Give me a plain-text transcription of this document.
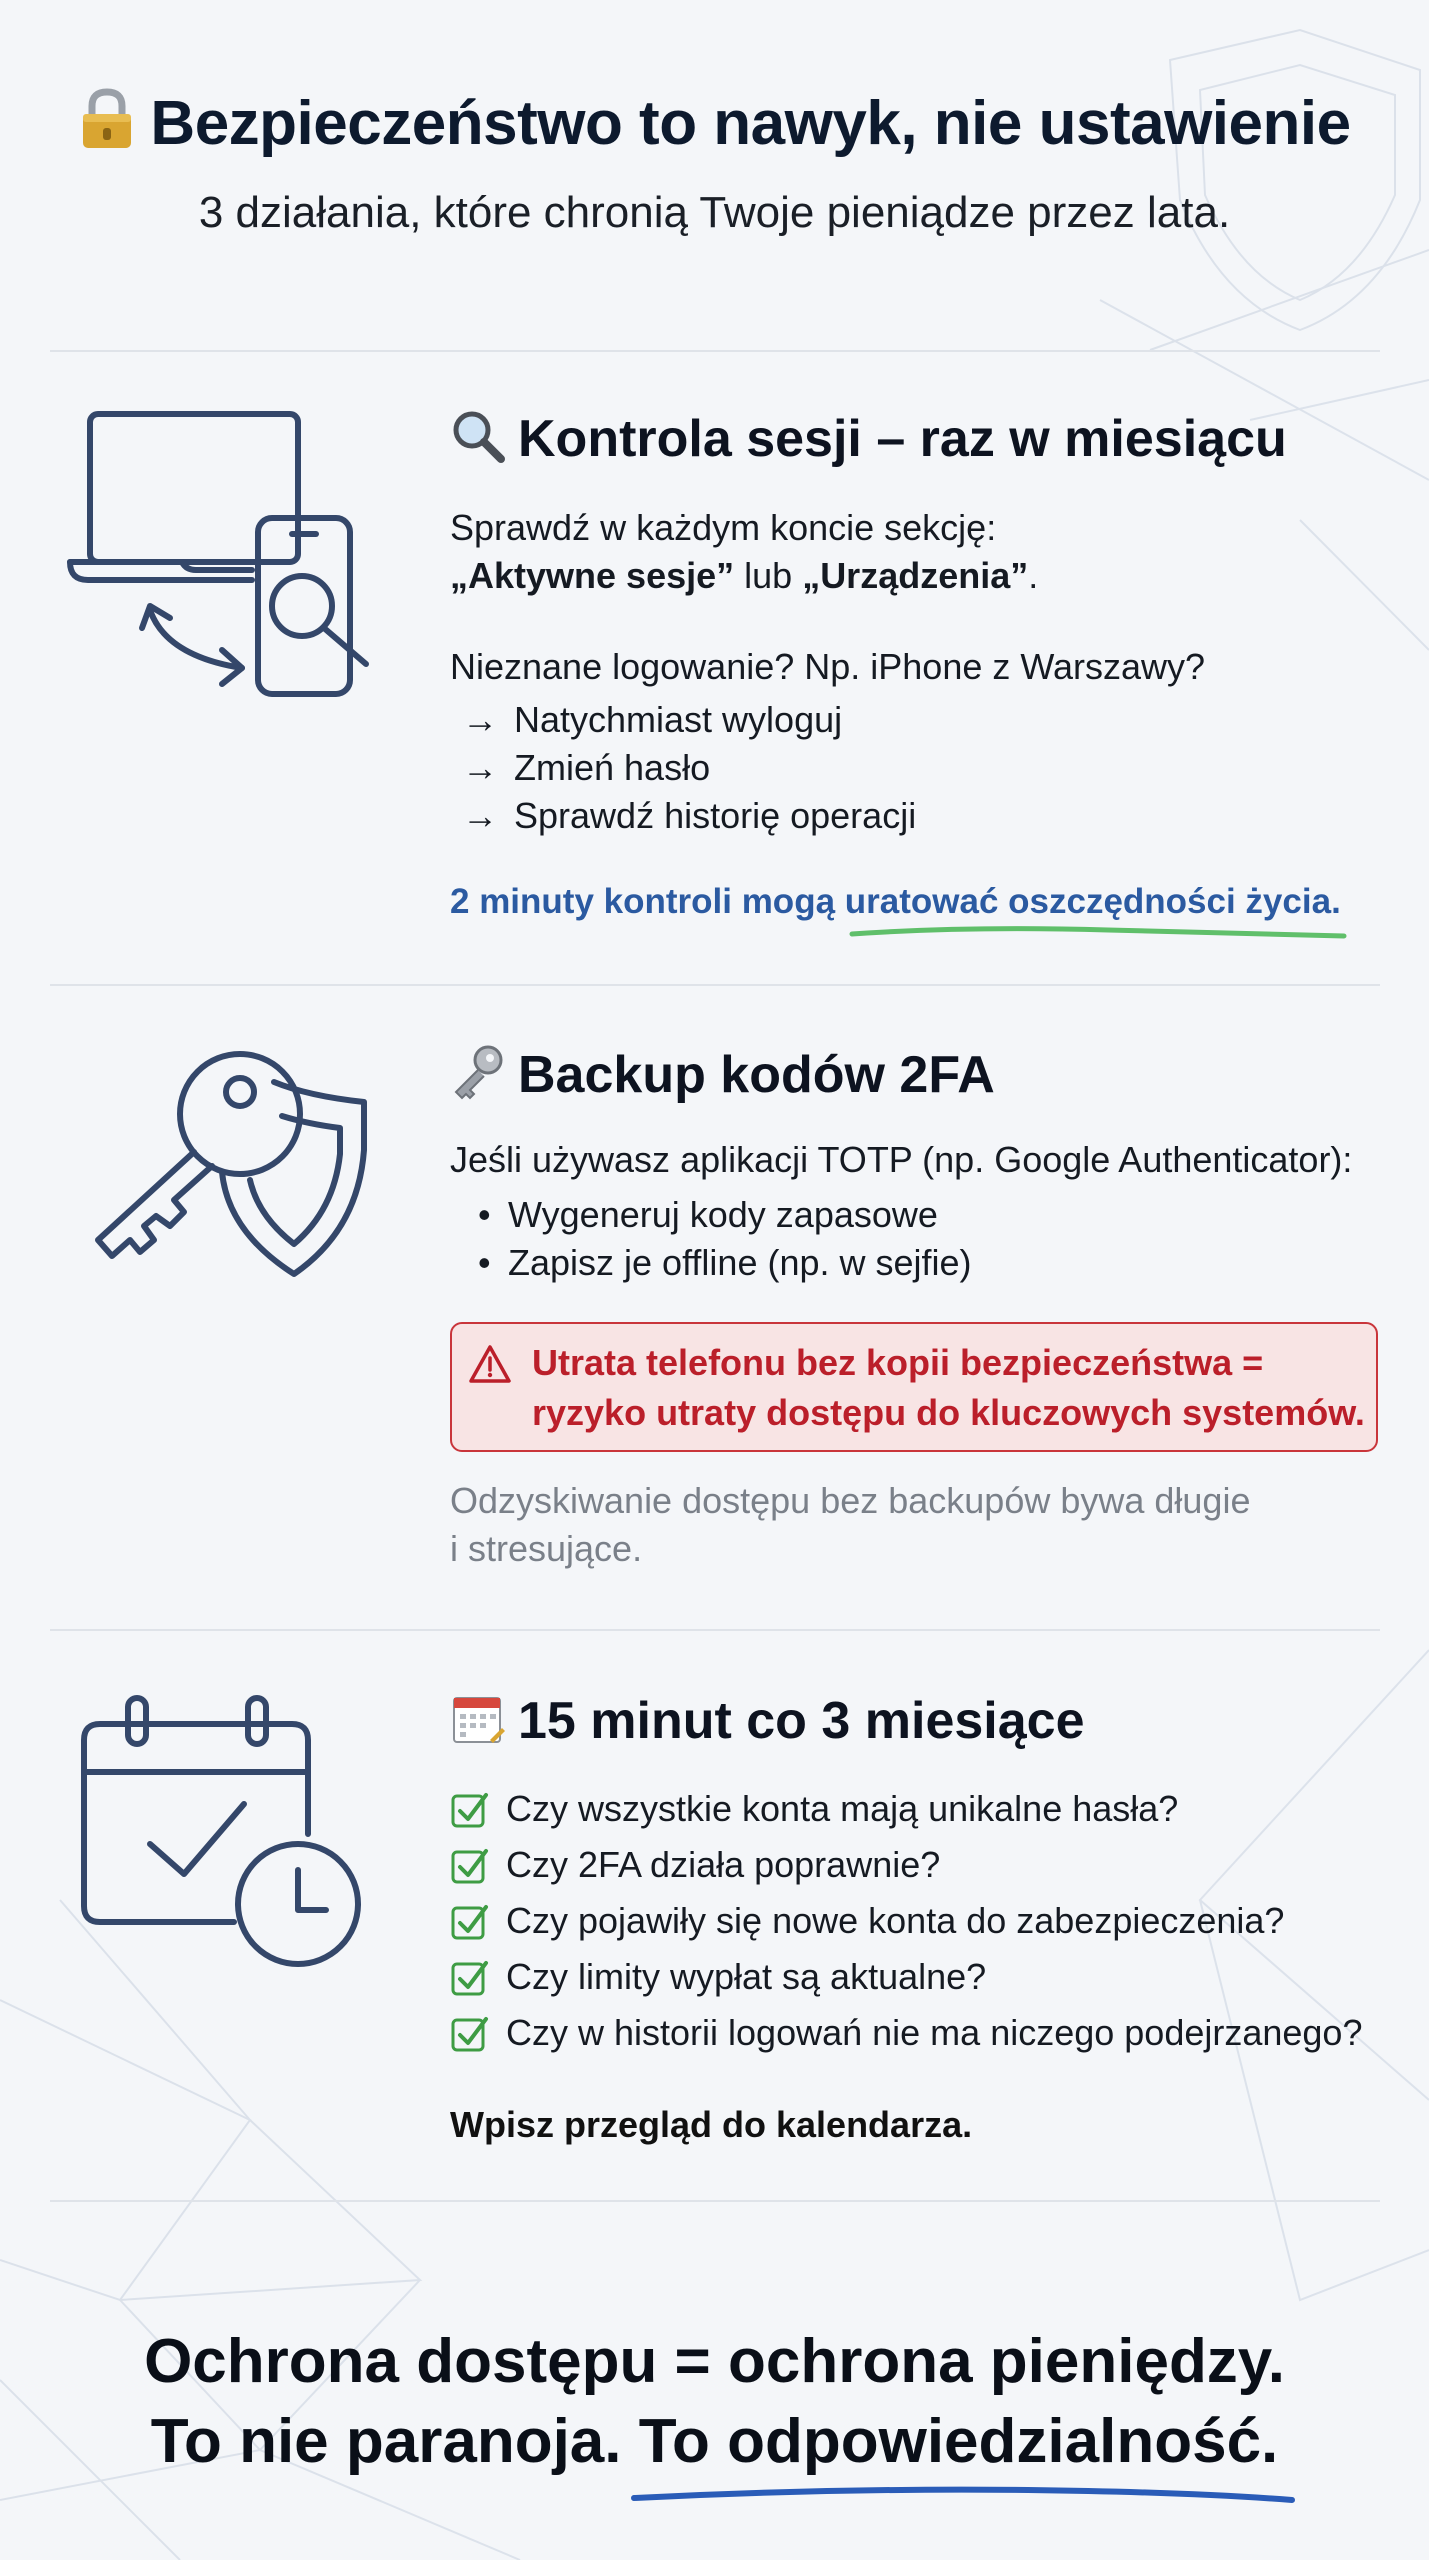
Bezpieczeństwo to nawyk, nie ustawienie
3 działania, które chronią Twoje pieniądze przez lata.
Kontrola sesji – raz w miesiącu
Sprawdź w każdym koncie sekcję:
„Aktywne sesje” lub „Urządzenia”.
Nieznane logowanie? Np. iPhone z Warszawy?
→ Natychmiast wyloguj
→ Zmień hasło
→ Sprawdź historię operacji
2 minuty kontroli mogą uratować oszczędności życia.
Backup kodów 2FA
Jeśli używasz aplikacji TOTP (np. Google Authenticator):
• Wygeneruj kody zapasowe
• Zapisz je offline (np. w sejfie)
Utrata telefonu bez kopii bezpieczeństwa =
ryzyko utraty dostępu do kluczowych systemów.
Odzyskiwanie dostępu bez backupów bywa długie
i stresujące.
15 minut co 3 miesiące
Czy wszystkie konta mają unikalne hasła?
Czy 2FA działa poprawnie?
Czy pojawiły się nowe konta do zabezpieczenia?
Czy limity wypłat są aktualne?
Czy w historii logowań nie ma niczego podejrzanego?
Wpisz przegląd do kalendarza.
Ochrona dostępu = ochrona pieniędzy.
To nie paranoja. To odpowiedzialność.
